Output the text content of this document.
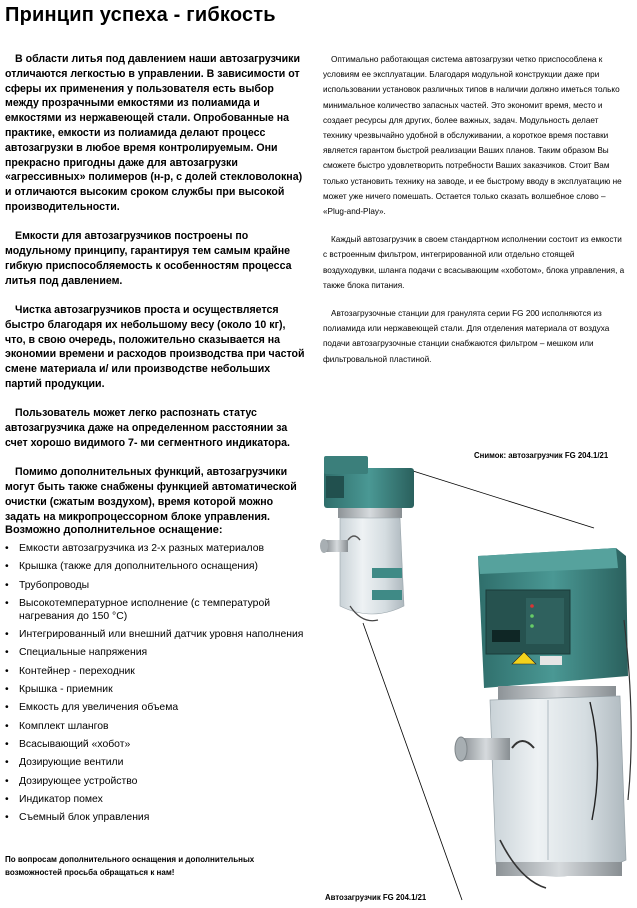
Принцип успеха - гибкость

В области литья под давлением наши автозагрузчики отличаются легкостью в управлении. В зависимости от сферы их применения у пользователя есть выбор между прозрачными емкостями из полиамида и емкостями из нержавеющей стали. Опробованные на практике, емкости из полиамида делают процесс автозагрузки в любое время контролируемым. Они прекрасно пригодны даже для автозагрузки «агрессивных» полимеров (н-р, с долей стекловолокна) и отличаются высоким сроком службы при высокой производительности.

Емкости для автозагрузчиков построены по модульному принципу, гарантируя тем самым крайне гибкую приспособляемость к особенностям процесса литья под давлением.

Чистка автозагрузчиков проста и осуществляется быстро благодаря их небольшому весу (около 10 кг), что, в свою очередь, положительно сказывается на экономии времени и расходов производства при частой смене материала и/ или производстве небольших партий продукции.

Пользователь может легко распознать статус автозагрузчика даже на определенном расстоянии за счет хорошо видимого 7- ми сегментного индикатора.

Помимо дополнительных функций, автозагрузчики могут быть также снабжены функцией автоматической очистки (сжатым воздухом), время которой можно задать на микропроцессорном блоке управления.

Возможно дополнительное оснащение:
• Емкости автозагрузчика из 2-х разных материалов
• Крышка (также для дополнительного оснащения)
• Трубопроводы
• Высокотемпературное исполнение (с температурой нагревания до 150 °С)
• Интегрированный или внешний датчик уровня наполнения
• Специальные напряжения
• Контейнер - переходник
• Крышка - приемник
• Емкость для увеличения объема
• Комплект шлангов
• Всасывающий «хобот»
• Дозирующие вентили
• Дозирующее устройство
• Индикатор помех
• Съемный блок управления
По вопросам дополнительного оснащения и дополнительных возможностей просьба обращаться к нам!

Оптимально работающая система автозагрузки четко приспособлена к условиям ее эксплуатации. Благодаря модульной конструкции даже при использовании установок различных типов в наличии должно иметься только минимальное количество запасных частей. Это экономит время, место и создает ресурсы для других, более важных, задач. Модульность делает технику чрезвычайно удобной в обслуживании, а короткое время поставки является гарантом быстрой реализации Ваших планов. Таким образом Вы сможете быстро удовлетворить потребности Ваших заказчиков. Стоит Вам только установить технику на заводе, и ее быстрому вводу в эксплуатацию не может уже ничего помешать. Остается только сказать волшебное слово – «Plug-and-Play».

Каждый автозагрузчик в своем стандартном исполнении состоит из емкости с встроенным фильтром, интегрированной или отдельно стоящей воздуходувки, шланга подачи с всасывающим «хоботом», блока управления, а также блока питания.

Автозагрузочные станции для гранулята серии FG 200 исполняются из полиамида или нержавеющей стали. Для отделения материала от воздуха подачи автозагрузочные станции снабжаются фильтром – мешком или фильтровальной пластиной.

Снимок: автозагрузчик FG 204.1/21
Автозагрузчик FG 204.1/21
